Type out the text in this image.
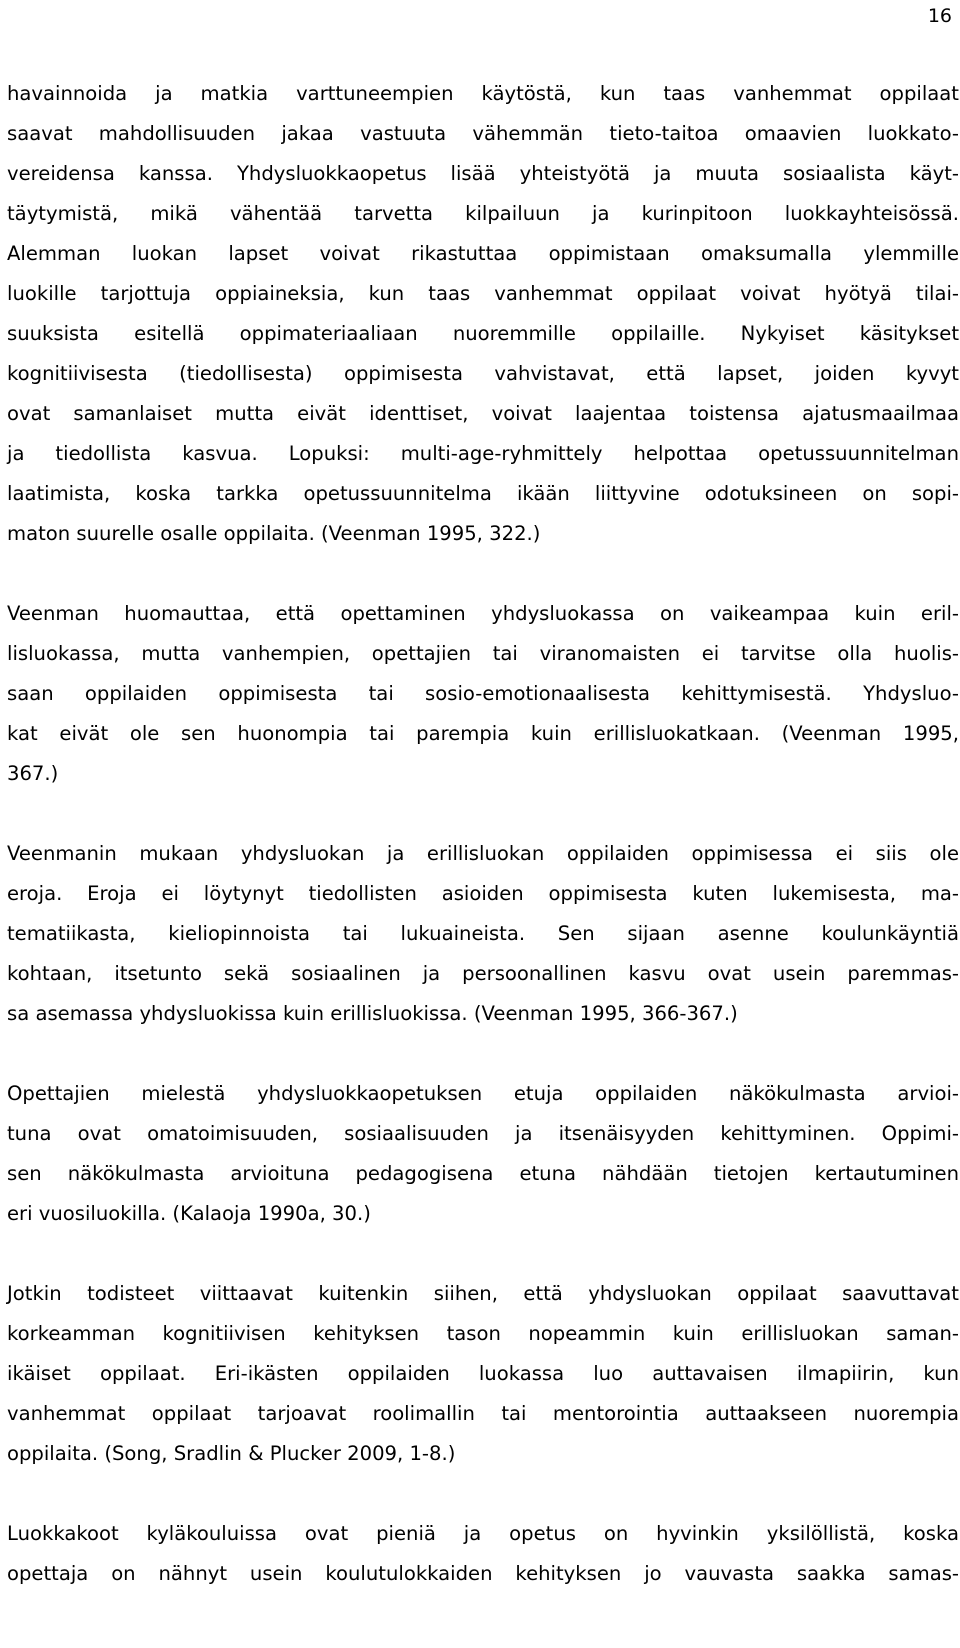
16
havainnoida ja matkia varttuneempien käytöstä, kun taas vanhemmat oppilaat
saavat mahdollisuuden jakaa vastuuta vähemmän tieto-taitoa omaavien luokkato-
vereidensa kanssa. Yhdysluokkaopetus lisää yhteistyötä ja muuta sosiaalista käyt-
täytymistä, mikä vähentää tarvetta kilpailuun ja kurinpitoon luokkayhteisössä.
Alemman luokan lapset voivat rikastuttaa oppimistaan omaksumalla ylemmille
luokille tarjottuja oppiaineksia, kun taas vanhemmat oppilaat voivat hyötyä tilai-
suuksista esitellä oppimateriaaliaan nuoremmille oppilaille. Nykyiset käsitykset
kognitiivisesta (tiedollisesta) oppimisesta vahvistavat, että lapset, joiden kyvyt
ovat samanlaiset mutta eivät identtiset, voivat laajentaa toistensa ajatusmaailmaa
ja tiedollista kasvua. Lopuksi: multi-age-ryhmittely helpottaa opetussuunnitelman
laatimista, koska tarkka opetussuunnitelma ikään liittyvine odotuksineen on sopi-
maton suurelle osalle oppilaita. (Veenman 1995, 322.)
Veenman huomauttaa, että opettaminen yhdysluokassa on vaikeampaa kuin eril-
lisluokassa, mutta vanhempien, opettajien tai viranomaisten ei tarvitse olla huolis-
saan oppilaiden oppimisesta tai sosio-emotionaalisesta kehittymisestä. Yhdysluo-
kat eivät ole sen huonompia tai parempia kuin erillisluokatkaan. (Veenman 1995,
367.)
Veenmanin mukaan yhdysluokan ja erillisluokan oppilaiden oppimisessa ei siis ole
eroja. Eroja ei löytynyt tiedollisten asioiden oppimisesta kuten lukemisesta, ma-
tematiikasta, kieliopinnoista tai lukuaineista. Sen sijaan asenne koulunkäyntiä
kohtaan, itsetunto sekä sosiaalinen ja persoonallinen kasvu ovat usein paremmas-
sa asemassa yhdysluokissa kuin erillisluokissa. (Veenman 1995, 366-367.)
Opettajien mielestä yhdysluokkaopetuksen etuja oppilaiden näkökulmasta arvioi-
tuna ovat omatoimisuuden, sosiaalisuuden ja itsenäisyyden kehittyminen. Oppimi-
sen näkökulmasta arvioituna pedagogisena etuna nähdään tietojen kertautuminen
eri vuosiluokilla. (Kalaoja 1990a, 30.)
Jotkin todisteet viittaavat kuitenkin siihen, että yhdysluokan oppilaat saavuttavat
korkeamman kognitiivisen kehityksen tason nopeammin kuin erillisluokan saman-
ikäiset oppilaat. Eri-ikästen oppilaiden luokassa luo auttavaisen ilmapiirin, kun
vanhemmat oppilaat tarjoavat roolimallin tai mentorointia auttaakseen nuorempia
oppilaita. (Song, Sradlin & Plucker 2009, 1-8.)
Luokkakoot kyläkouluissa ovat pieniä ja opetus on hyvinkin yksilöllistä, koska
opettaja on nähnyt usein koulutulokkaiden kehityksen jo vauvasta saakka samas-
